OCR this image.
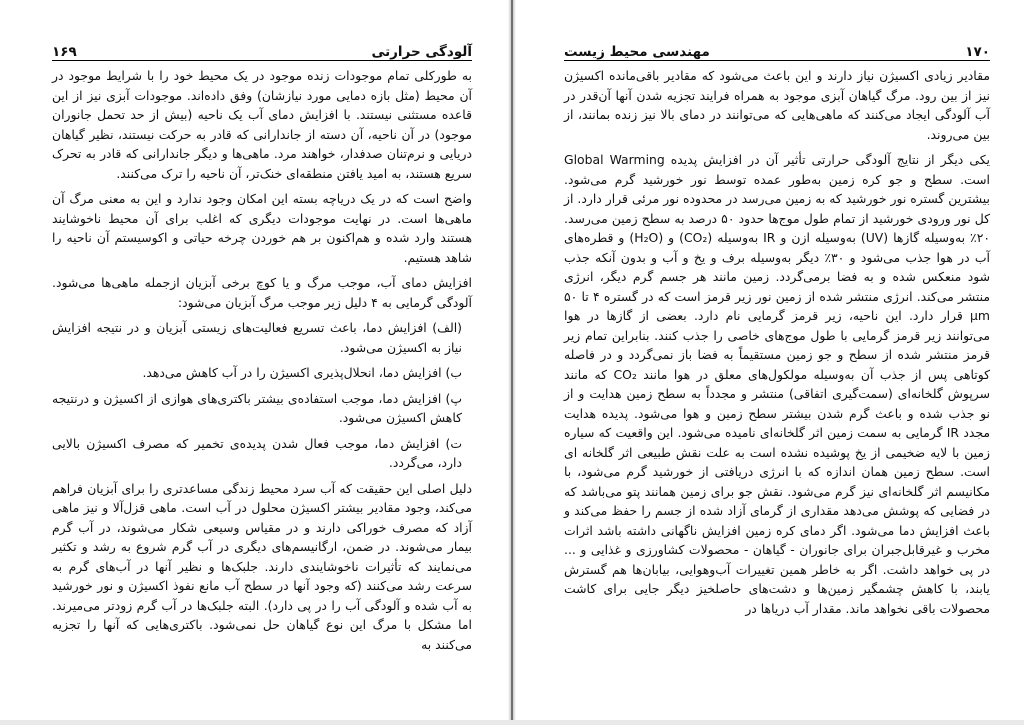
آلودگی حرارتی
۱۶۹

به طورکلی تمام موجودات زنده موجود در یک محیط خود را با شرایط موجود در آن محیط (مثل بازه دمایی مورد نیازشان) وفق داده‌اند. موجودات آبزی نیز از این قاعده مستثنی نیستند. با افزایش دمای آب یک ناحیه (بیش از حد تحمل جانوران موجود) در آن ناحیه، آن دسته از جاندارانی که قادر به حرکت نیستند، نظیر گیاهان دریایی و نرم‌تنان صدفدار، خواهند مرد. ماهی‌ها و دیگر جاندارانی که قادر به تحرک سریع هستند، به امید یافتن منطقه‌ای خنک‌تر، آن ناحیه را ترک می‌کنند.

واضح است که در یک دریاچه بسته این امکان وجود ندارد و این به معنی مرگ آن ماهی‌ها است. در نهایت موجودات دیگری که اغلب برای آن محیط ناخوشایند هستند وارد شده و هم‌اکنون بر هم خوردن چرخه حیاتی و اکوسیستم آن ناحیه را شاهد هستیم.

افزایش دمای آب، موجب مرگ و یا کوچ برخی آبزیان ازجمله ماهی‌ها می‌شود. آلودگی گرمایی به ۴ دلیل زیر موجب مرگ آبزیان می‌شود:

(الف) افزایش دما، باعث تسریع فعالیت‌های زیستی آبزیان و در نتیجه افزایش نیاز به اکسیژن می‌شود.

ب) افزایش دما، انحلال‌پذیری اکسیژن را در آب کاهش می‌دهد.

پ) افزایش دما، موجب استفاده‌ی بیشتر باکتری‌های هوازی از اکسیژن و درنتیجه کاهش اکسیژن می‌شود.

ت) افزایش دما، موجب فعال شدن پدیده‌ی تخمیر که مصرف اکسیژن بالایی دارد، می‌گردد.

دلیل اصلی این حقیقت که آب سرد محیط زندگی مساعدتری را برای آبزیان فراهم می‌کند، وجود مقادیر بیشتر اکسیژن محلول در آب است. ماهی قزل‌آلا و نیز ماهی آزاد که مصرف خوراکی دارند و در مقیاس وسیعی شکار می‌شوند، در آب گرم بیمار می‌شوند. در ضمن، ارگانیسم‌های دیگری در آب گرم شروع به رشد و تکثیر می‌نمایند که تأثیرات ناخوشایندی دارند. جلبک‌ها و نظیر آنها در آب‌های گرم به سرعت رشد می‌کنند (که وجود آنها در سطح آب مانع نفوذ اکسیژن و نور خورشید به آب شده و آلودگی آب را در پی دارد). البته جلبک‌ها در آب گرم زودتر می‌میرند. اما مشکل با مرگ این نوع گیاهان حل نمی‌شود. باکتری‌هایی که آنها را تجزیه می‌کنند به

۱۷۰
مهندسی محیط زیست

مقادیر زیادی اکسیژن نیاز دارند و این باعث می‌شود که مقادیر باقی‌مانده اکسیژن نیز از بین رود. مرگ گیاهان آبزی موجود به همراه فرایند تجزیه شدن آنها آن‌قدر در آب آلودگی ایجاد می‌کنند که ماهی‌هایی که می‌توانند در دمای بالا نیز زنده بمانند، از بین می‌روند.

یکی دیگر از نتایج آلودگی حرارتی تأثیر آن در افزایش پدیده Global Warming است. سطح و جو کره زمین به‌طور عمده توسط نور خورشید گرم می‌شود. بیشترین گستره نور خورشید که به زمین می‌رسد در محدوده نور مرئی قرار دارد. از کل نور ورودی خورشید از تمام طول موج‌ها حدود ۵۰ درصد به سطح زمین می‌رسد. ۲۰٪ به‌وسیله گازها (UV) به‌وسیله ازن و IR به‌وسیله (CO₂) و (H₂O) و قطره‌های آب در هوا جذب می‌شود و ۳۰٪ دیگر به‌وسیله برف و یخ و آب و بدون آنکه جذب شود منعکس شده و به فضا برمی‌گردد. زمین مانند هر جسم گرم دیگر، انرژی منتشر می‌کند. انرژی منتشر شده از زمین نور زیر قرمز است که در گستره ۴ تا ۵۰ μm قرار دارد. این ناحیه، زیر قرمز گرمایی نام دارد. بعضی از گازها در هوا می‌توانند زیر قرمز گرمایی با طول موج‌های خاصی را جذب کنند. بنابراین تمام زیر قرمز منتشر شده از سطح و جو زمین مستقیماً به فضا باز نمی‌گردد و در فاصله کوتاهی پس از جذب آن به‌وسیله مولکول‌های معلق در هوا مانند CO₂ که مانند سرپوش گلخانه‌ای (سمت‌گیری اتفاقی) منتشر و مجدداً به سطح زمین هدایت و از نو جذب شده و باعث گرم شدن بیشتر سطح زمین و هوا می‌شود. پدیده هدایت مجدد IR گرمایی به سمت زمین اثر گلخانه‌ای نامیده می‌شود. این واقعیت که سیاره زمین با لایه ضخیمی از یخ پوشیده نشده است به علت نقش طبیعی اثر گلخانه ای است. سطح زمین همان اندازه که با انرژی دریافتی از خورشید گرم می‌شود، با مکانیسم اثر گلخانه‌ای نیز گرم می‌شود. نقش جو برای زمین همانند پتو می‌باشد که در فضایی که پوشش می‌دهد مقداری از گرمای آزاد شده از جسم را حفظ می‌کند و باعث افزایش دما می‌شود. اگر دمای کره زمین افزایش ناگهانی داشته باشد اثرات مخرب و غیرقابل‌جبران برای جانوران - گیاهان - محصولات کشاورزی و غذایی و ... در پی خواهد داشت. اگر به خاطر همین تغییرات آب‌وهوایی، بیابان‌ها هم گسترش یابند، با کاهش چشمگیر زمین‌ها و دشت‌های حاصلخیز دیگر جایی برای کاشت محصولات باقی نخواهد ماند. مقدار آب دریاها در
